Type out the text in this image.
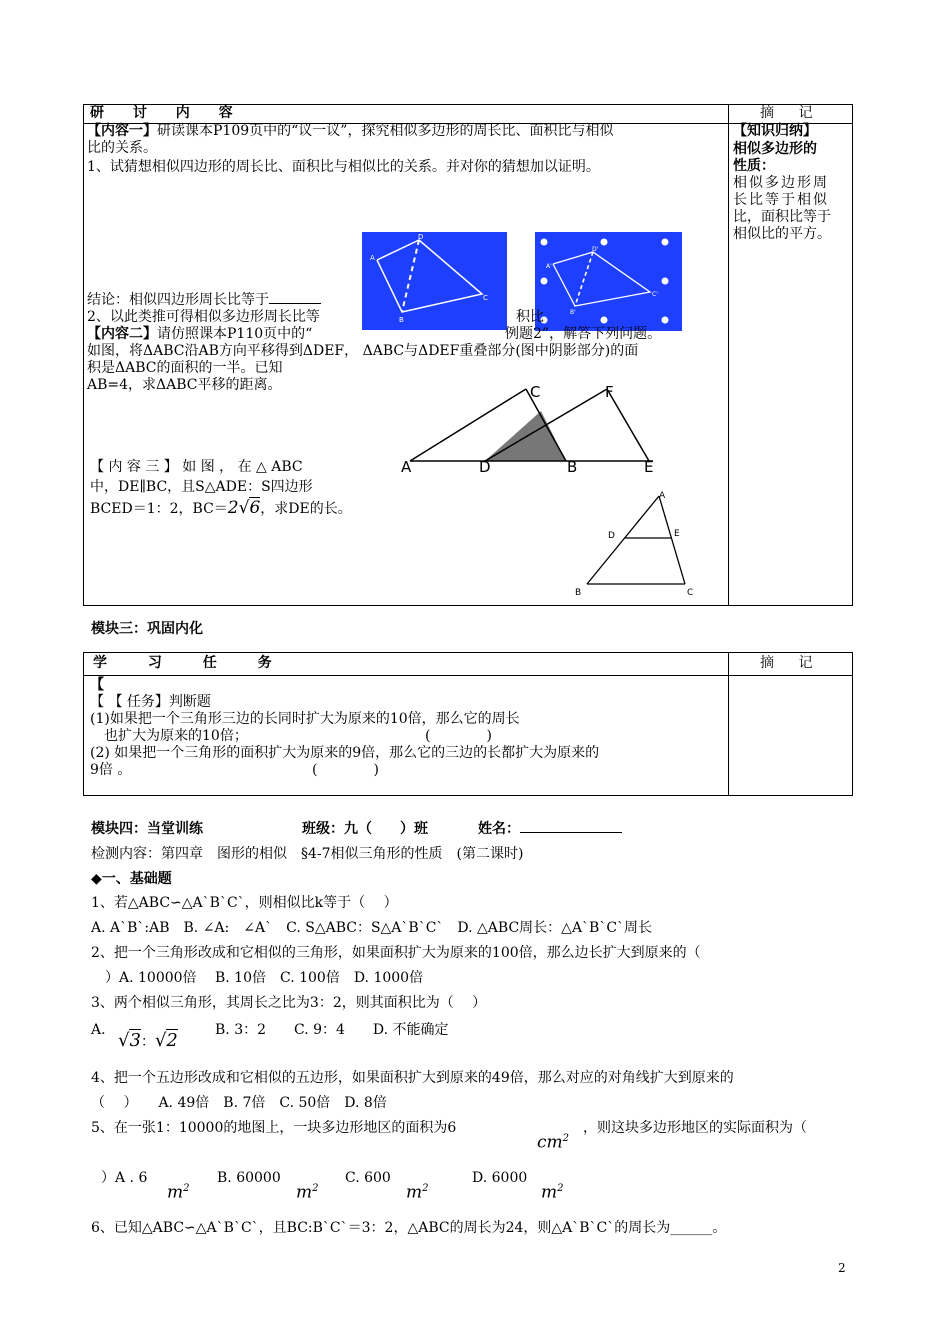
研 讨 内 容	摘 记
【内容一】研读课本P109页中的“议一议”，探究相似多边形的周长比、面积比与相似
比的关系。
1、试猜想相似四边形的周长比、面积比与相似比的关系。并对你的猜想加以证明。
【知识归纳】
相似多边形的
性质：
相似多边形周
长比等于相似
比，面积比等于
相似比的平方。
A
D
B
C
A'
D'
B'
C'
结论：相似四边形周长比等于
2、以此类推可得相似多边形周长比等	积比
【内容二】请仿照课本P110页中的“	例题2”，解答下列问题。
如图，将ΔABC沿AB方向平移得到ΔDEF， ΔABC与ΔDEF重叠部分(图中阴影部分)的面
积是ΔABC的面积的一半。已知
AB=4，求ΔABC平移的距离。
A	D	B	E
C	F
【 内 容 三 】 如 图 ， 在 △ ABC
中，DE∥BC，且S△ADE：S四边形
BCED＝1：2，BC＝2√6，求DE的长。
A
D	E
B	C
模块三：巩固内化
学 习 任 务	摘 记
【
【 【 任务】判断题
(1)如果把一个三角形三边的长同时扩大为原来的10倍，那么它的周长
也扩大为原来的10倍；	(　　　　)
(2) 如果把一个三角形的面积扩大为原来的9倍，那么它的三边的长都扩大为原来的
9倍 。	(　　　　)
模块四：当堂训练	班级：九（　　）班	姓名：
检测内容：第四章　图形的相似　§4-7相似三角形的性质　(第二课时)
◆一、基础题
1、若△ABC∽△A`B`C`，则相似比k等于（　 ）
A. A`B`:AB　B. ∠A:　∠A`　C. S△ABC：S△A`B`C`　D. △ABC周长：△A`B`C`周长
2、把一个三角形改成和它相似的三角形，如果面积扩大为原来的100倍，那么边长扩大到原来的（
　）A. 10000倍　 B. 10倍　C. 100倍　D. 1000倍
3、两个相似三角形，其周长之比为3：2，则其面积比为（　 ）
A. √3：√2	B. 3：2　　C. 9：4　　D. 不能确定
4、把一个五边形改成和它相似的五边形，如果面积扩大到原来的49倍，那么对应的对角线扩大到原来的
（　 ）　　A. 49倍　B. 7倍　C. 50倍　D. 8倍
5、在一张1：10000的地图上，一块多边形地区的面积为6
$cm^2$
，则这块多边形地区的实际面积为（
）A . 6
$m^2$
B. 60000
$m^2$
C. 600
$m^2$
D. 6000
$m^2$
6、已知△ABC∽△A`B`C`，且BC:B`C`＝3：2，△ABC的周长为24，则△A`B`C`的周长为______。
2
